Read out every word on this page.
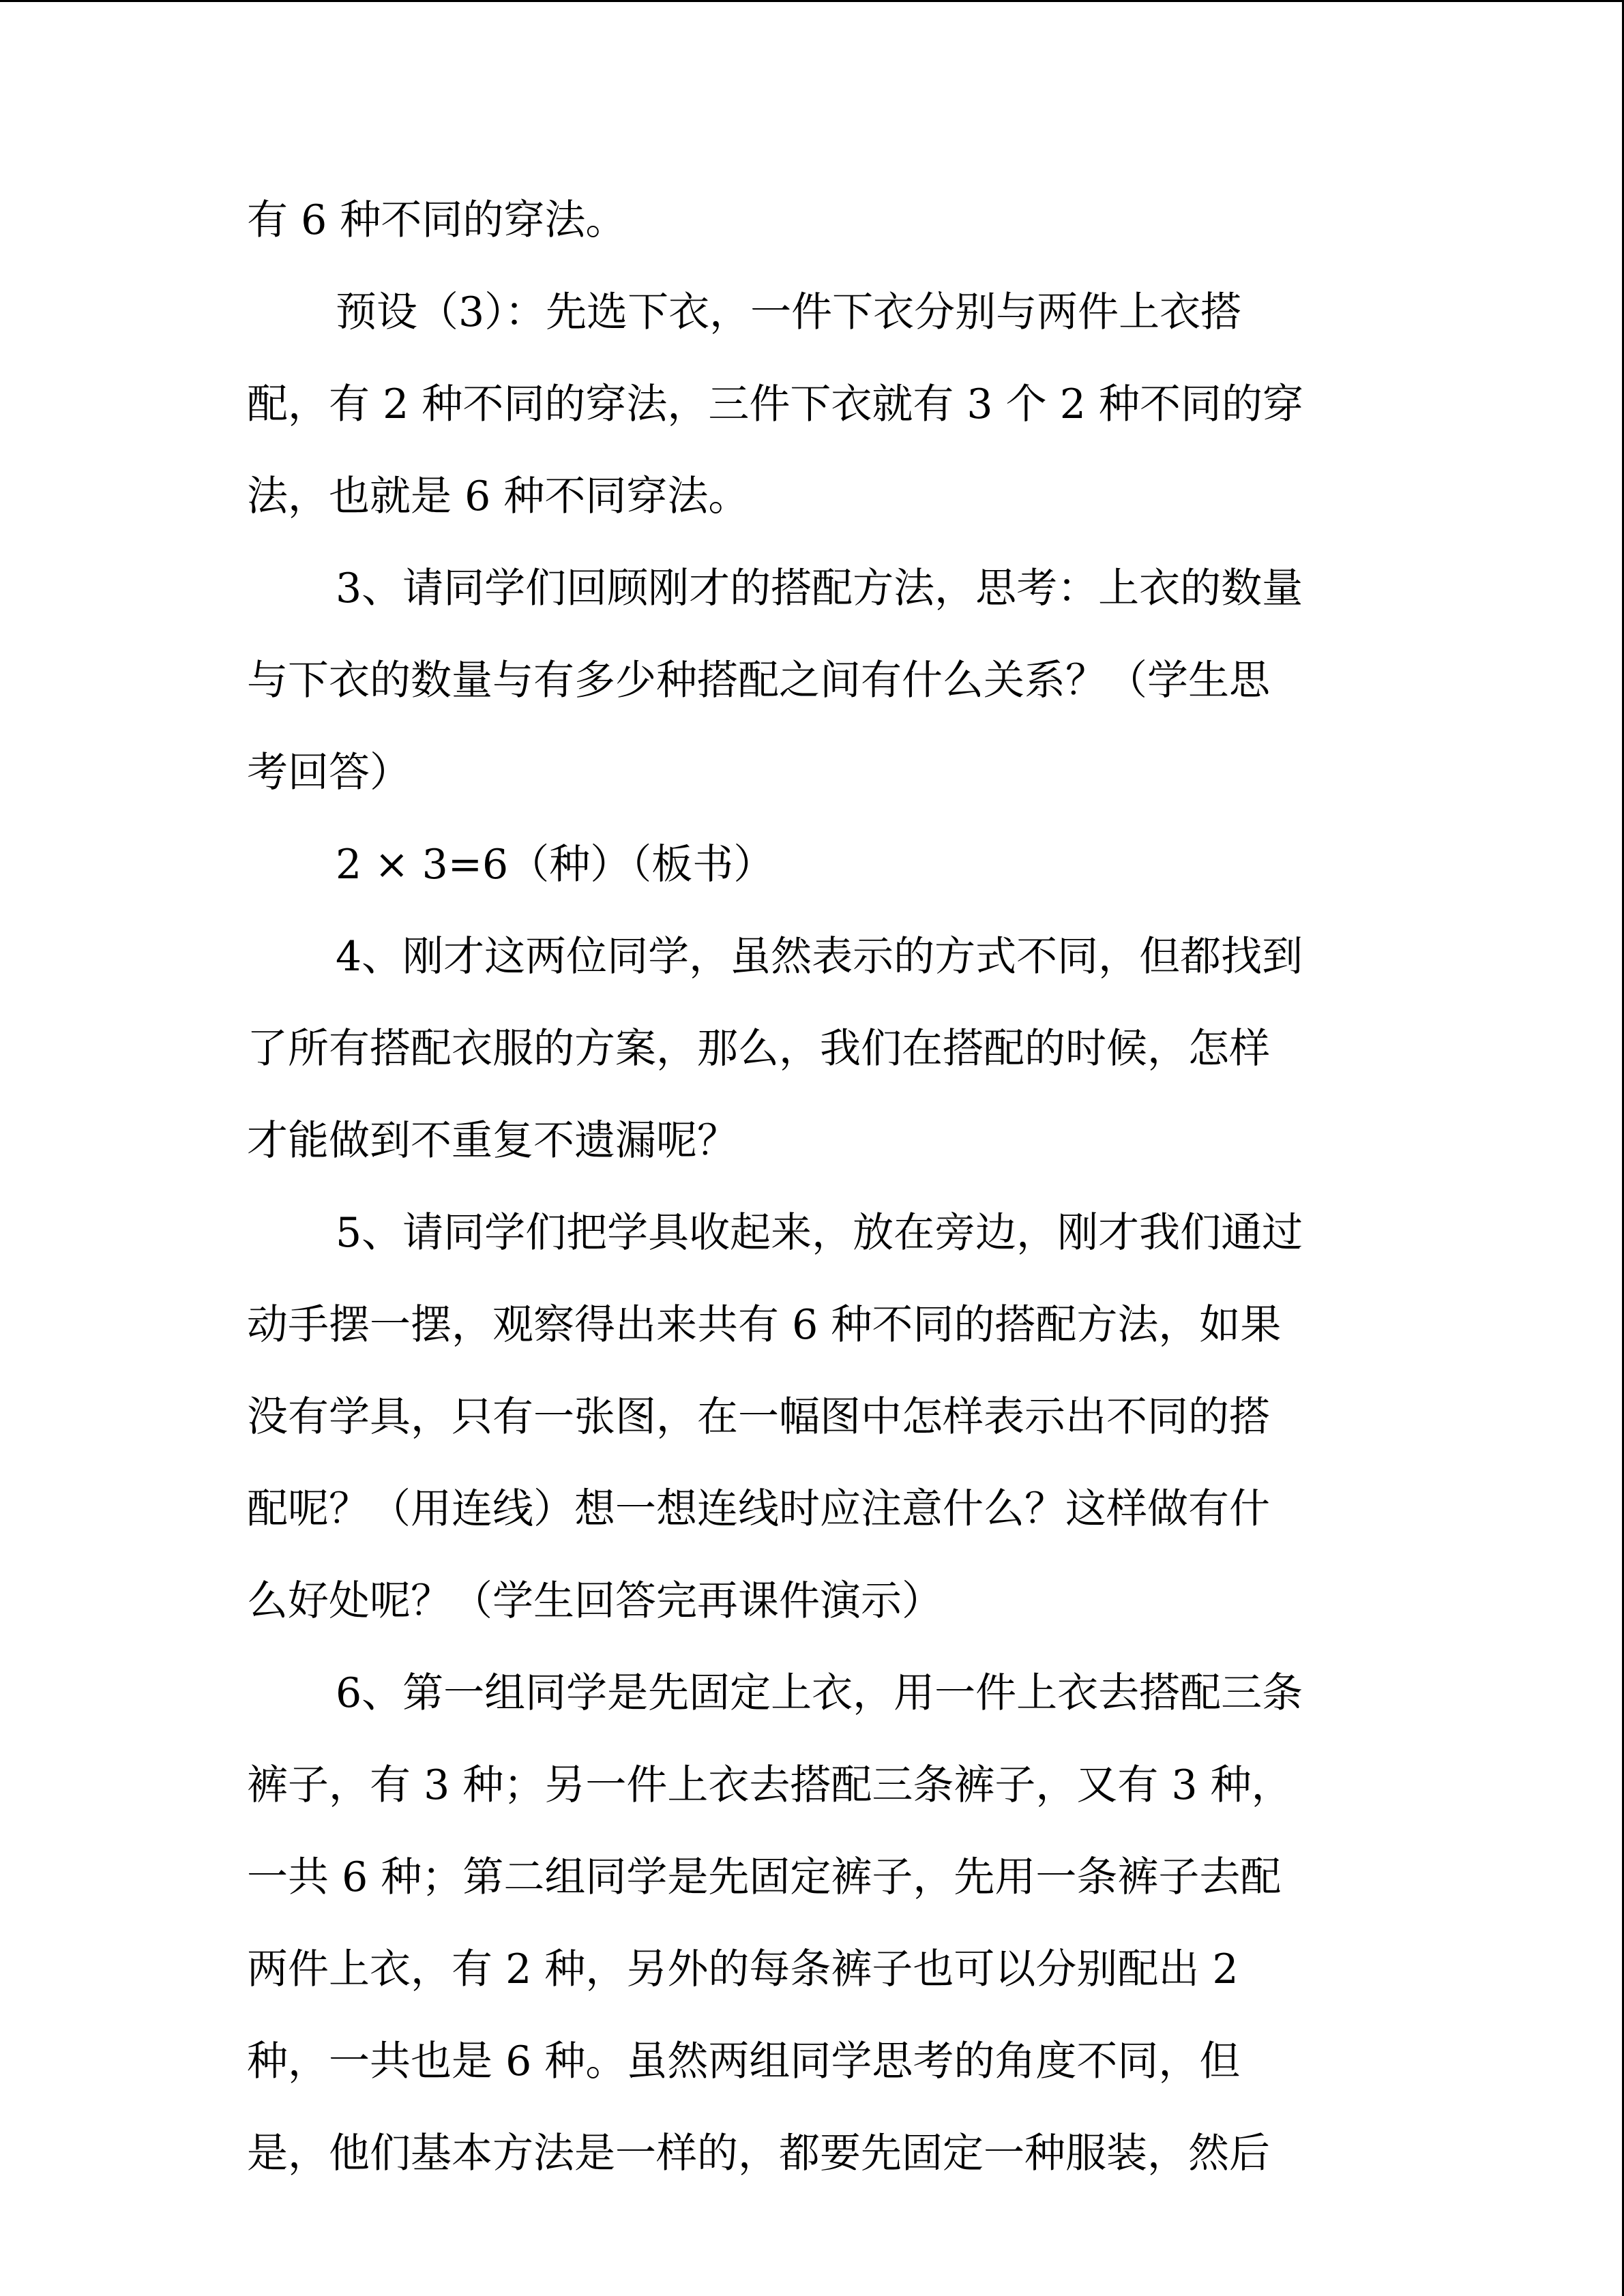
有 6 种不同的穿法。
预设（3）：先选下衣，一件下衣分别与两件上衣搭
配，有 2 种不同的穿法，三件下衣就有 3 个 2 种不同的穿
法，也就是 6 种不同穿法。
3、请同学们回顾刚才的搭配方法，思考：上衣的数量
与下衣的数量与有多少种搭配之间有什么关系？（学生思
考回答）
2 × 3=6（种）（板书）
4、刚才这两位同学，虽然表示的方式不同，但都找到
了所有搭配衣服的方案，那么，我们在搭配的时候，怎样
才能做到不重复不遗漏呢？
5、请同学们把学具收起来，放在旁边，刚才我们通过
动手摆一摆，观察得出来共有 6 种不同的搭配方法，如果
没有学具，只有一张图，在一幅图中怎样表示出不同的搭
配呢？（用连线）想一想连线时应注意什么？这样做有什
么好处呢？（学生回答完再课件演示）
6、第一组同学是先固定上衣，用一件上衣去搭配三条
裤子，有 3 种；另一件上衣去搭配三条裤子，又有 3 种，
一共 6 种；第二组同学是先固定裤子，先用一条裤子去配
两件上衣，有 2 种，另外的每条裤子也可以分别配出 2
种，一共也是 6 种。虽然两组同学思考的角度不同，但
是，他们基本方法是一样的，都要先固定一种服装，然后
